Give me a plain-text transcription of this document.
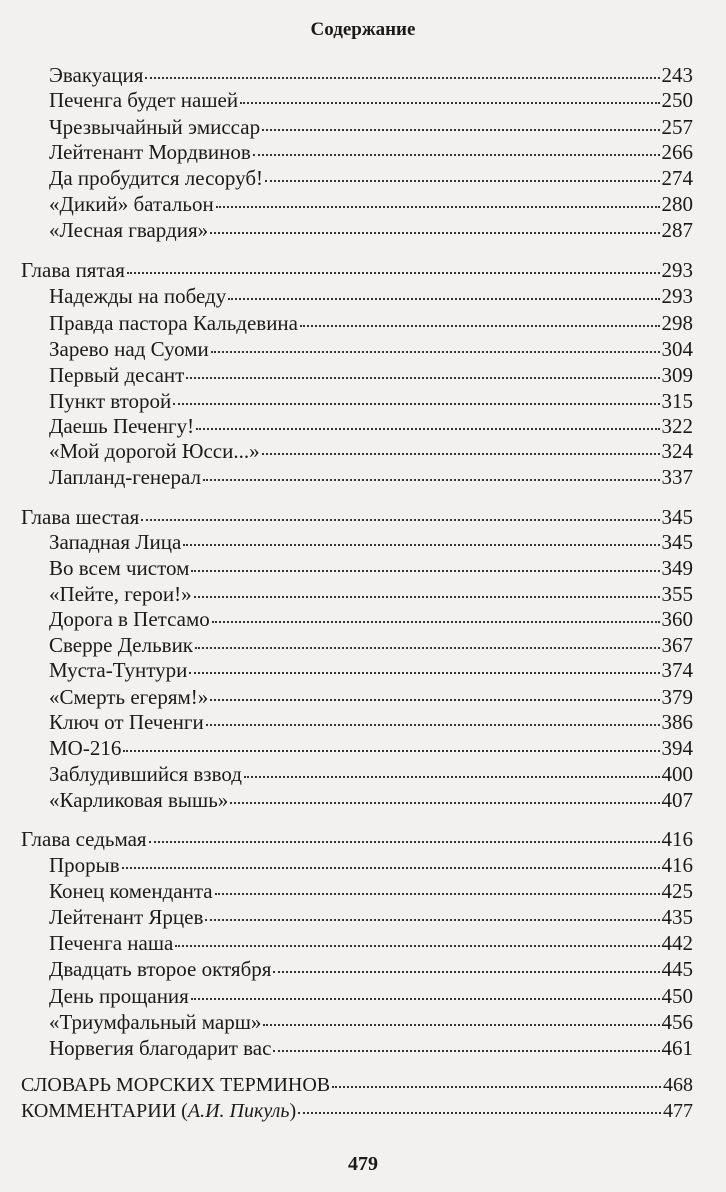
Содержание
Эвакуация	243
Печенга будет нашей	250
Чрезвычайный эмиссар	257
Лейтенант Мордвинов	266
Да пробудится лесоруб!	274
«Дикий» батальон	280
«Лесная гвардия»	287
Глава пятая	293
Надежды на победу	293
Правда пастора Кальдевина	298
Зарево над Суоми	304
Первый десант	309
Пункт второй	315
Даешь Печенгу!	322
«Мой дорогой Юсси...»	324
Лапланд-генерал	337
Глава шестая	345
Западная Лица	345
Во всем чистом	349
«Пейте, герои!»	355
Дорога в Петсамо	360
Сверре Дельвик	367
Муста-Тунтури	374
«Смерть егерям!»	379
Ключ от Печенги	386
МО-216	394
Заблудившийся взвод	400
«Карликовая вышь»	407
Глава седьмая	416
Прорыв	416
Конец коменданта	425
Лейтенант Ярцев	435
Печенга наша	442
Двадцать второе октября	445
День прощания	450
«Триумфальный марш»	456
Норвегия благодарит вас	461
СЛОВАРЬ МОРСКИХ ТЕРМИНОВ	468
КОММЕНТАРИИ (А.И. Пикуль)	477
479
